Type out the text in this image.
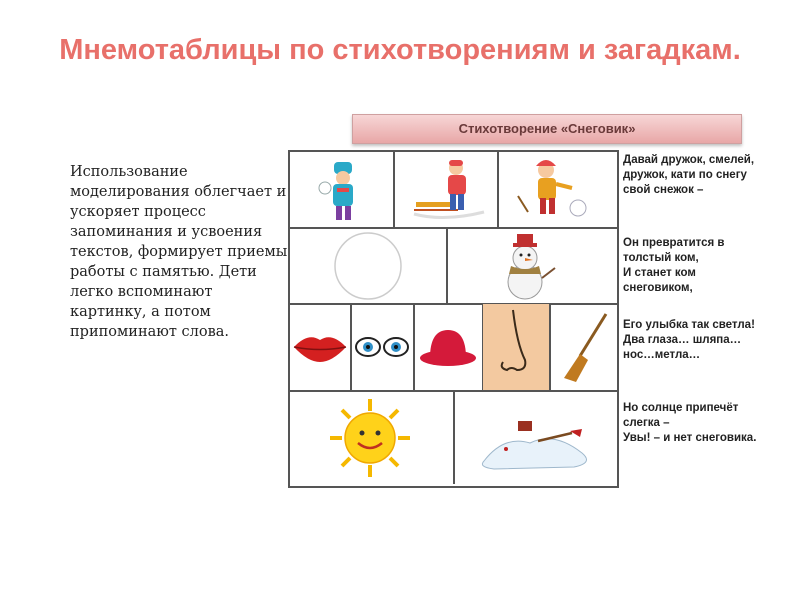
Мнемотаблицы по стихотворениям и загадкам.
Использование моделирования облегчает и ускоряет процесс запоминания и усвоения текстов, формирует приемы работы с памятью. Дети легко вспоминают картинку, а потом припоминают слова.
Стихотворение «Снеговик»
Давай дружок, смелей,
дружок, кати по снегу
свой снежок –
Он превратится в
толстый ком,
И станет ком
снеговиком,
Его улыбка так светла!
Два глаза… шляпа…
нос…метла…
Но солнце припечёт
слегка –
Увы! – и нет снеговика.
